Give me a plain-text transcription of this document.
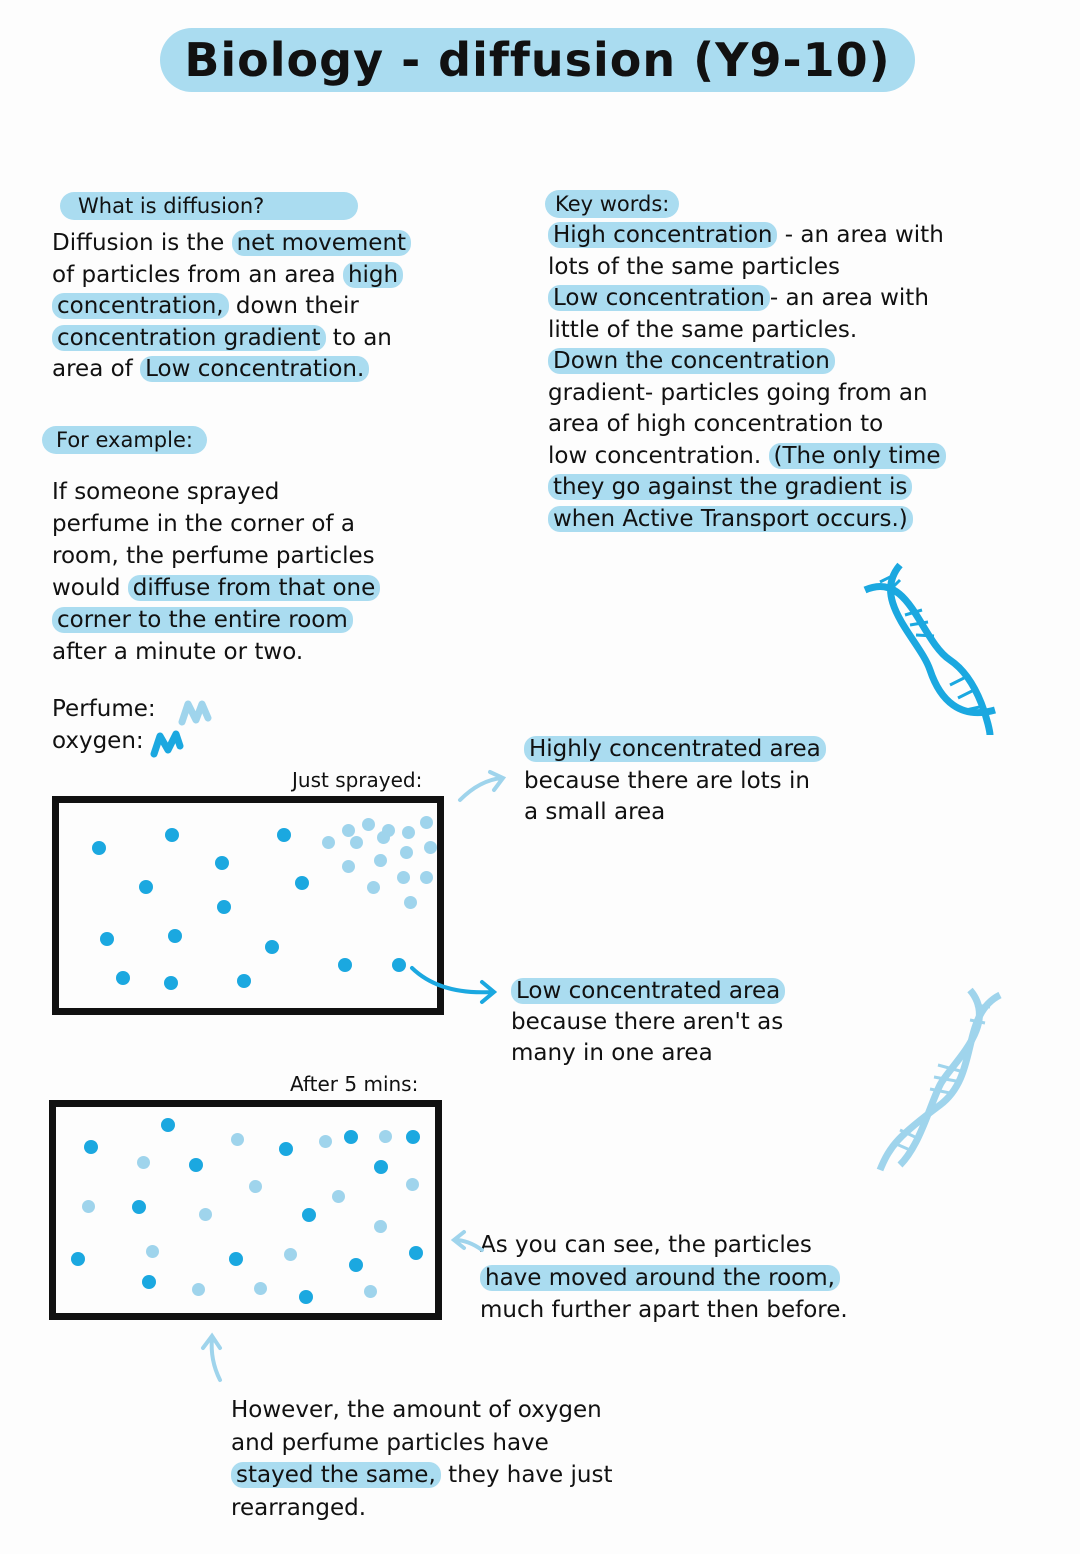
Biology - diffusion (Y9-10)
What is diffusion?
Diffusion is the net movement
of particles from an area high
concentration, down their
concentration gradient to an
area of Low concentration.
Key words:
High concentration - an area with
lots of the same particles
Low concentration - an area with
little of the same particles.
Down the concentration
gradient- particles going from an
area of high concentration to
low concentration. (The only time
they go against the gradient is
when Active Transport occurs.)
For example:
If someone sprayed
perfume in the corner of a
room, the perfume particles
would diffuse from that one
corner to the entire room
after a minute or two.
Perfume:
oxygen:
Just sprayed:
After 5 mins:
Highly concentrated area
because there are lots in
a small area
Low concentrated area
because there aren't as
many in one area
As you can see, the particles
have moved around the room,
much further apart then before.
However, the amount of oxygen
and perfume particles have
stayed the same, they have just
rearranged.
